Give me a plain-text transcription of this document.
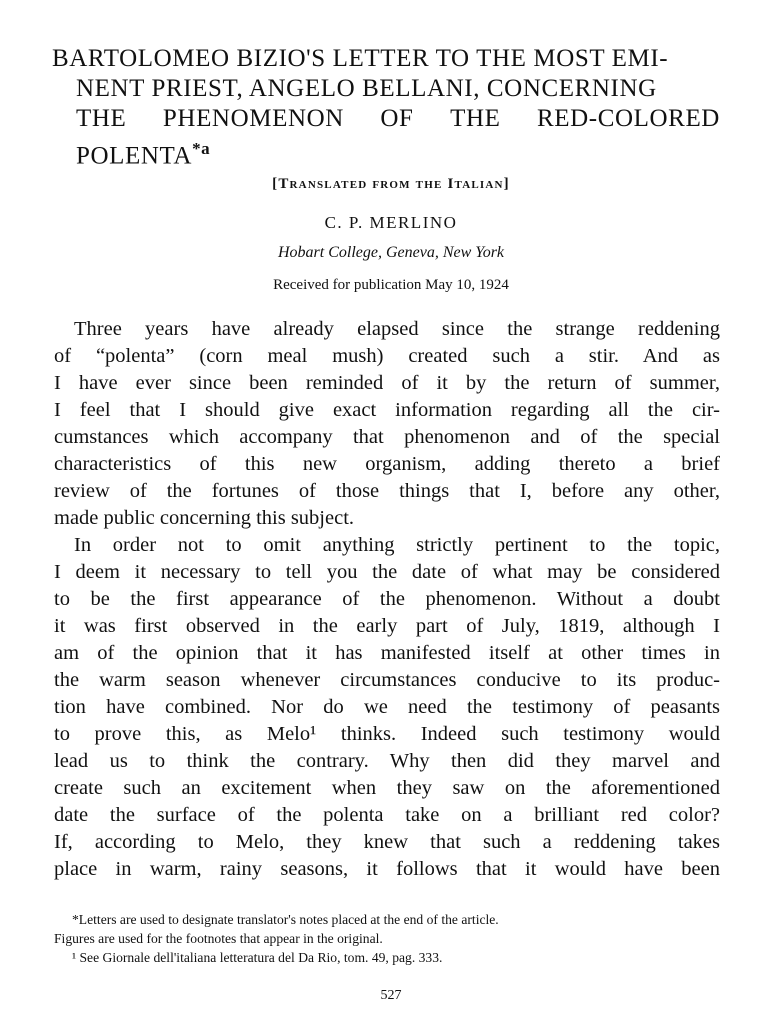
BARTOLOMEO BIZIO'S LETTER TO THE MOST EMI-
NENT PRIEST, ANGELO BELLANI, CONCERNING
THE PHENOMENON OF THE RED-COLORED
POLENTA$^{*a}$
[Translated from the Italian]
C. P. MERLINO
Hobart College, Geneva, New York
Received for publication May 10, 1924
Three years have already elapsed since the strange reddening
of “polenta” (corn meal mush) created such a stir. And as
I have ever since been reminded of it by the return of summer,
I feel that I should give exact information regarding all the cir-
cumstances which accompany that phenomenon and of the special
characteristics of this new organism, adding thereto a brief
review of the fortunes of those things that I, before any other,
made public concerning this subject.
In order not to omit anything strictly pertinent to the topic,
I deem it necessary to tell you the date of what may be considered
to be the first appearance of the phenomenon. Without a doubt
it was first observed in the early part of July, 1819, although I
am of the opinion that it has manifested itself at other times in
the warm season whenever circumstances conducive to its produc-
tion have combined. Nor do we need the testimony of peasants
to prove this, as Melo¹ thinks. Indeed such testimony would
lead us to think the contrary. Why then did they marvel and
create such an excitement when they saw on the aforementioned
date the surface of the polenta take on a brilliant red color?
If, according to Melo, they knew that such a reddening takes
place in warm, rainy seasons, it follows that it would have been
*Letters are used to designate translator's notes placed at the end of the article.
Figures are used for the footnotes that appear in the original.
¹ See Giornale dell'italiana letteratura del Da Rio, tom. 49, pag. 333.
527
